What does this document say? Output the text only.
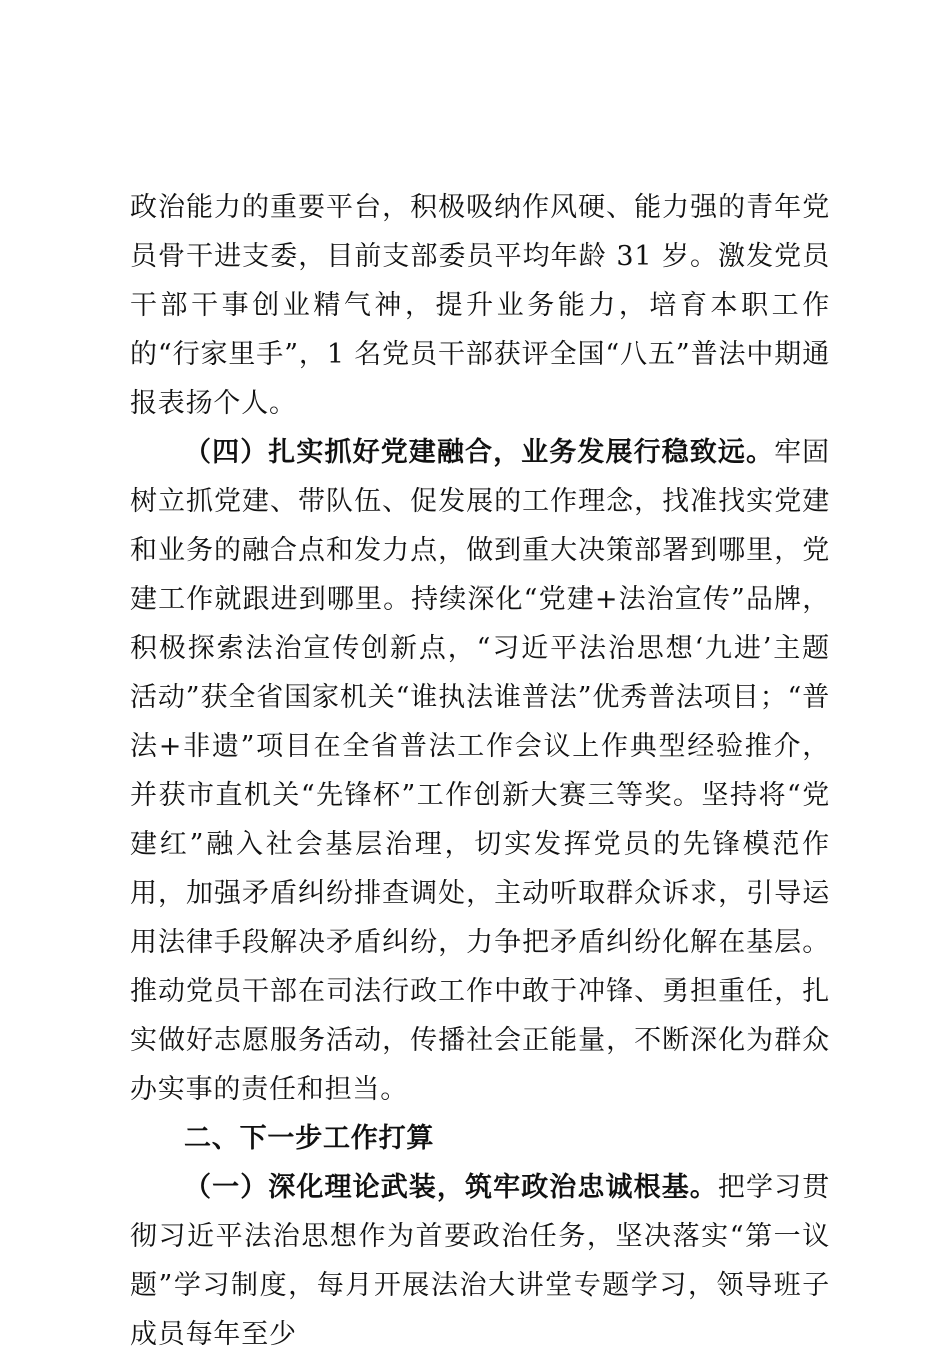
政治能力的重要平台，积极吸纳作风硬、能力强的青年党员骨干进支委，目前支部委员平均年龄 31 岁。激发党员干部干事创业精气神，提升业务能力，培育本职工作的“行家里手”，1 名党员干部获评全国“八五”普法中期通报表扬个人。

（四）扎实抓好党建融合，业务发展行稳致远。牢固树立抓党建、带队伍、促发展的工作理念，找准找实党建和业务的融合点和发力点，做到重大决策部署到哪里，党建工作就跟进到哪里。持续深化“党建+法治宣传”品牌，积极探索法治宣传创新点，“习近平法治思想‘九进’主题活动”获全省国家机关“谁执法谁普法”优秀普法项目；“普法+非遗”项目在全省普法工作会议上作典型经验推介，并获市直机关“先锋杯”工作创新大赛三等奖。坚持将“党建红”融入社会基层治理，切实发挥党员的先锋模范作用，加强矛盾纠纷排查调处，主动听取群众诉求，引导运用法律手段解决矛盾纠纷，力争把矛盾纠纷化解在基层。推动党员干部在司法行政工作中敢于冲锋、勇担重任，扎实做好志愿服务活动，传播社会正能量，不断深化为群众办实事的责任和担当。

二、下一步工作打算

（一）深化理论武装，筑牢政治忠诚根基。把学习贯彻习近平法治思想作为首要政治任务，坚决落实“第一议题”学习制度，每月开展法治大讲堂专题学习，领导班子成员每年至少
